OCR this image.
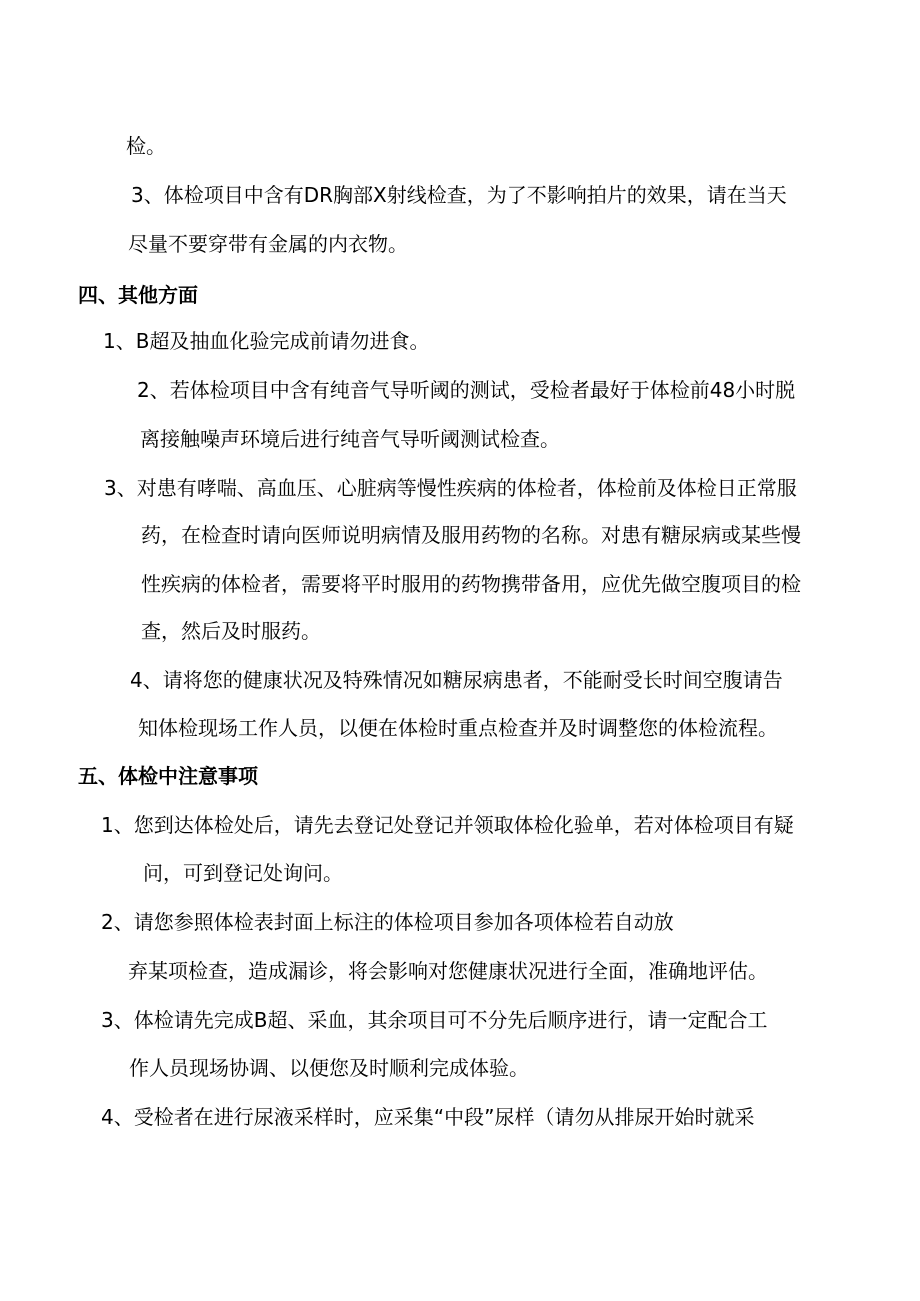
检。
3、体检项目中含有DR胸部X射线检查，为了不影响拍片的效果，请在当天
尽量不要穿带有金属的内衣物。
四、其他方面
1、B超及抽血化验完成前请勿进食。
2、若体检项目中含有纯音气导听阈的测试，受检者最好于体检前48小时脱
离接触噪声环境后进行纯音气导听阈测试检查。
3、对患有哮喘、高血压、心脏病等慢性疾病的体检者，体检前及体检日正常服
药，在检查时请向医师说明病情及服用药物的名称。对患有糖尿病或某些慢
性疾病的体检者，需要将平时服用的药物携带备用，应优先做空腹项目的检
查，然后及时服药。
4、请将您的健康状况及特殊情况如糖尿病患者，不能耐受长时间空腹请告
知体检现场工作人员，以便在体检时重点检查并及时调整您的体检流程。
五、体检中注意事项
1、您到达体检处后，请先去登记处登记并领取体检化验单，若对体检项目有疑
问，可到登记处询问。
2、请您参照体检表封面上标注的体检项目参加各项体检若自动放
弃某项检查，造成漏诊，将会影响对您健康状况进行全面，准确地评估。
3、体检请先完成B超、采血，其余项目可不分先后顺序进行，请一定配合工
作人员现场协调、以便您及时顺利完成体验。
4、受检者在进行尿液采样时，应采集“中段”尿样（请勿从排尿开始时就采
